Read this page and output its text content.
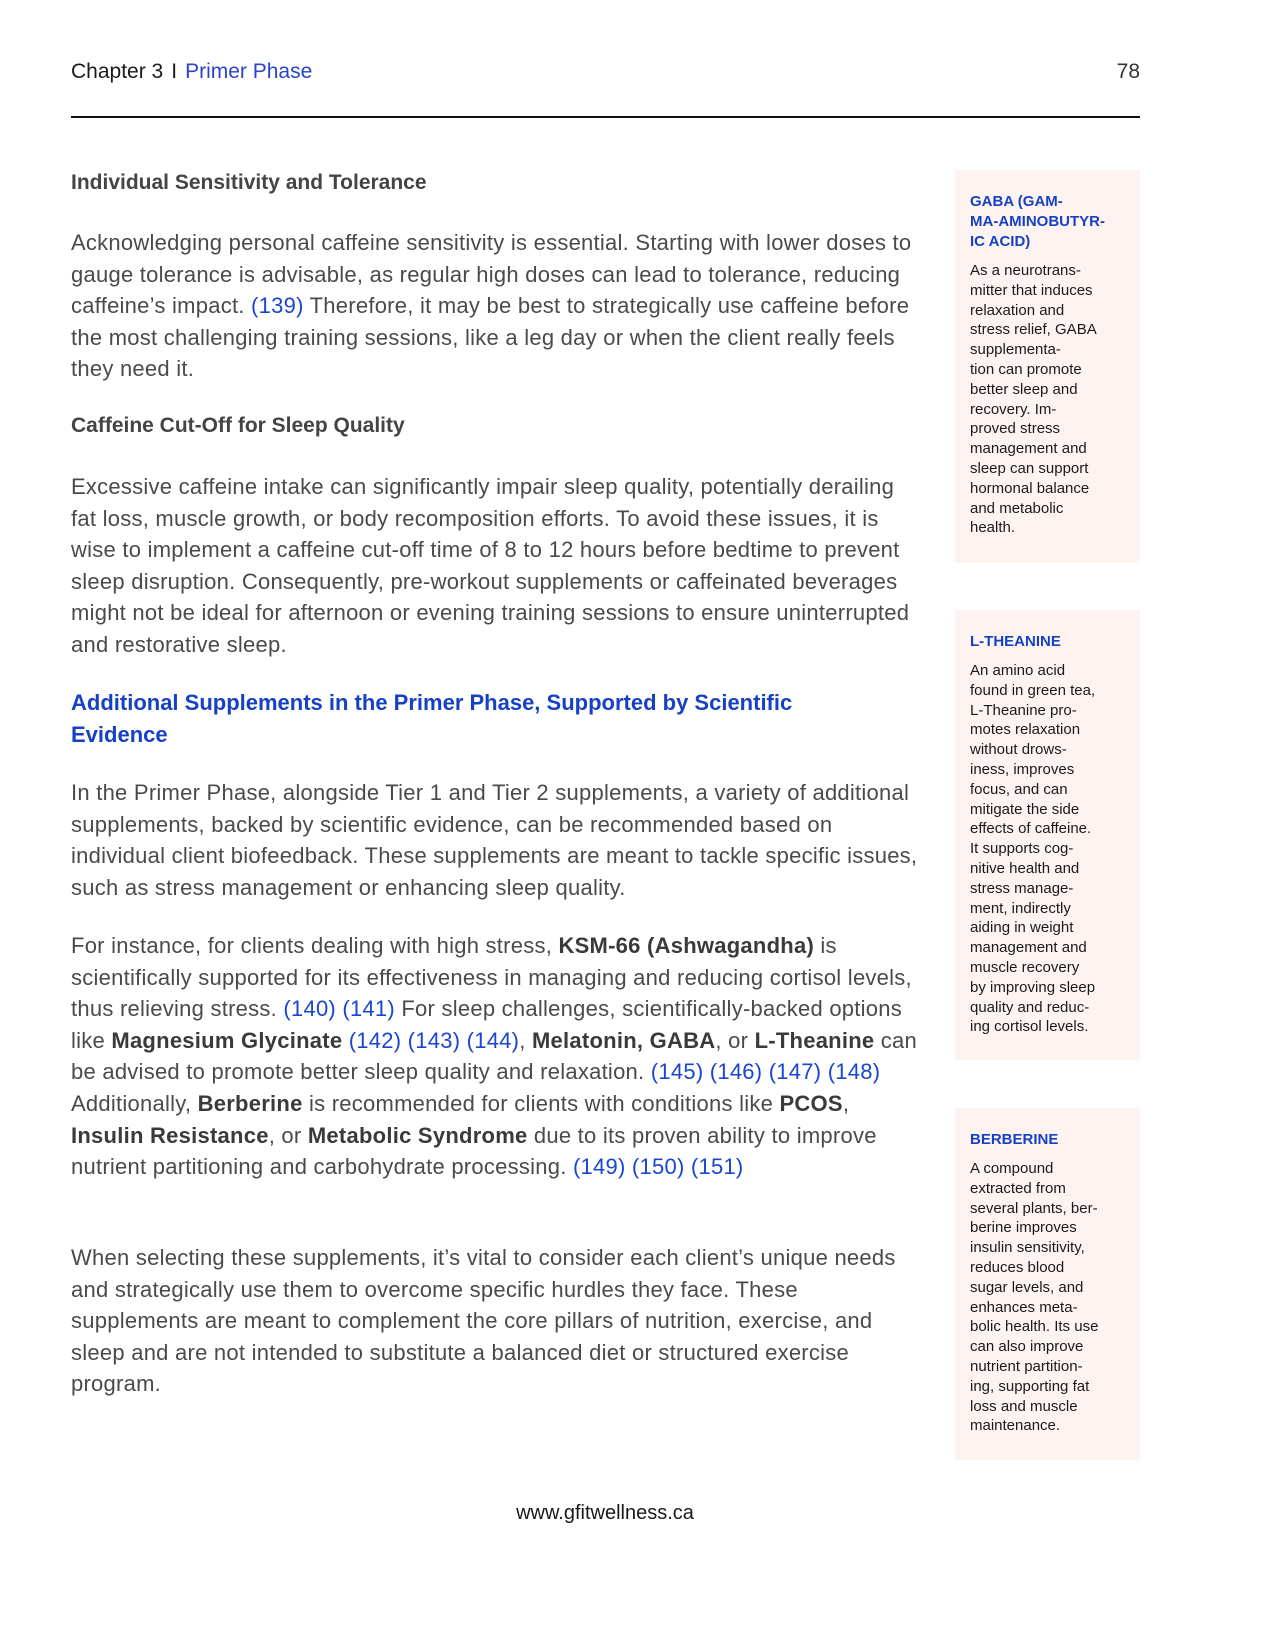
Chapter 3 I Primer Phase	78
Individual Sensitivity and Tolerance
Acknowledging personal caffeine sensitivity is essential. Starting with lower doses to gauge tolerance is advisable, as regular high doses can lead to tolerance, reducing caffeine’s impact. (139) Therefore, it may be best to strategically use caffeine before the most challenging training sessions, like a leg day or when the client really feels they need it.
Caffeine Cut-Off for Sleep Quality
Excessive caffeine intake can significantly impair sleep quality, potentially derailing fat loss, muscle growth, or body recomposition efforts. To avoid these issues, it is wise to implement a caffeine cut-off time of 8 to 12 hours before bedtime to prevent sleep disruption. Consequently, pre-workout supplements or caffeinated beverages might not be ideal for afternoon or evening training sessions to ensure uninterrupted and restorative sleep.
Additional Supplements in the Primer Phase, Supported by Scientific Evidence
In the Primer Phase, alongside Tier 1 and Tier 2 supplements, a variety of additional supplements, backed by scientific evidence, can be recommended based on individual client biofeedback. These supplements are meant to tackle specific issues, such as stress management or enhancing sleep quality.
For instance, for clients dealing with high stress, KSM-66 (Ashwagandha) is scientifically supported for its effectiveness in managing and reducing cortisol levels, thus relieving stress. (140) (141) For sleep challenges, scientifically-backed options like Magnesium Glycinate (142) (143) (144), Melatonin, GABA, or L-Theanine can be advised to promote better sleep quality and relaxation. (145) (146) (147) (148) Additionally, Berberine is recommended for clients with conditions like PCOS, Insulin Resistance, or Metabolic Syndrome due to its proven ability to improve nutrient partitioning and carbohydrate processing. (149) (150) (151)
When selecting these supplements, it’s vital to consider each client’s unique needs and strategically use them to overcome specific hurdles they face. These supplements are meant to complement the core pillars of nutrition, exercise, and sleep and are not intended to substitute a balanced diet or structured exercise program.
GABA (GAM-
MA-AMINOBUTYR-
IC ACID)
As a neurotrans-
mitter that induces
relaxation and
stress relief, GABA
supplementa-
tion can promote
better sleep and
recovery. Im-
proved stress
management and
sleep can support
hormonal balance
and metabolic
health.
L-THEANINE
An amino acid
found in green tea,
L-Theanine pro-
motes relaxation
without drows-
iness, improves
focus, and can
mitigate the side
effects of caffeine.
It supports cog-
nitive health and
stress manage-
ment, indirectly
aiding in weight
management and
muscle recovery
by improving sleep
quality and reduc-
ing cortisol levels.
BERBERINE
A compound
extracted from
several plants, ber-
berine improves
insulin sensitivity,
reduces blood
sugar levels, and
enhances meta-
bolic health. Its use
can also improve
nutrient partition-
ing, supporting fat
loss and muscle
maintenance.
www.gfitwellness.ca
